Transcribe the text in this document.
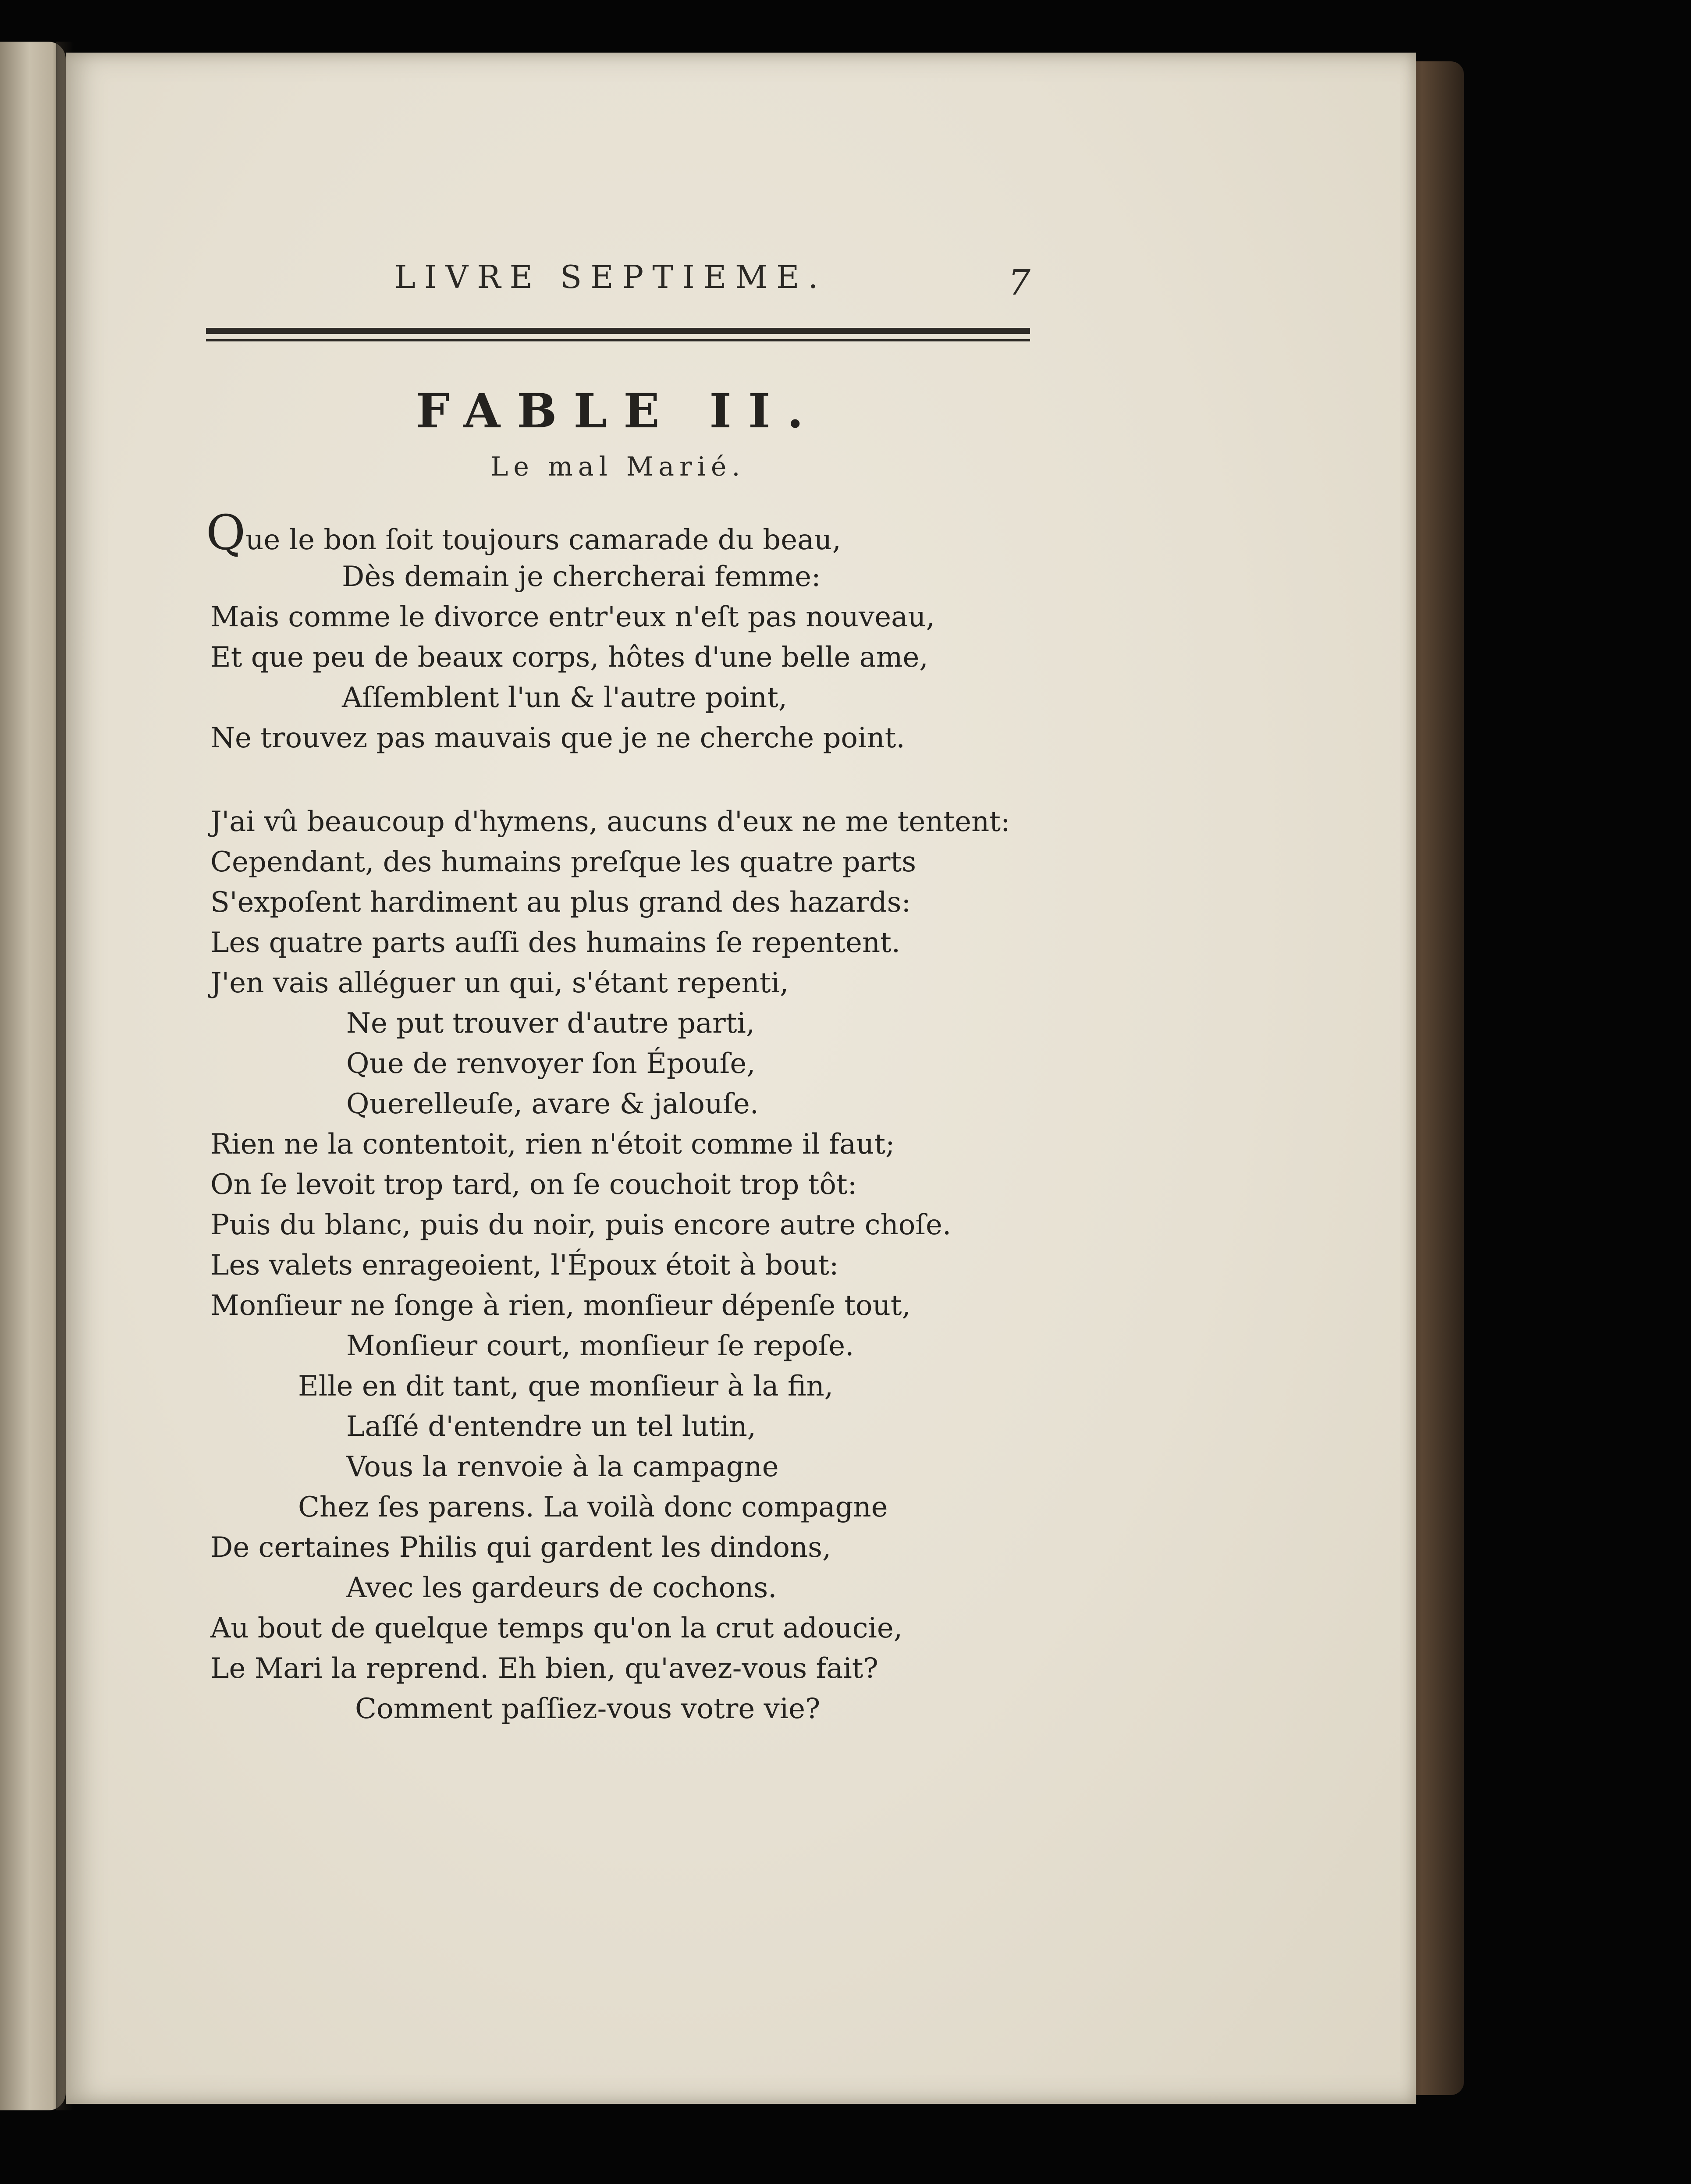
LIVRE SEPTIEME.	7
FABLE II.
Le mal Marié.
Que le bon ſoit toujours camarade du beau,
Dès demain je chercherai femme:
Mais comme le divorce entr'eux n'eſt pas nouveau,
Et que peu de beaux corps, hôtes d'une belle ame,
Aſſemblent l'un & l'autre point,
Ne trouvez pas mauvais que je ne cherche point.
J'ai vû beaucoup d'hymens, aucuns d'eux ne me tentent:
Cependant, des humains preſque les quatre parts
S'expoſent hardiment au plus grand des hazards:
Les quatre parts auſſi des humains ſe repentent.
J'en vais alléguer un qui, s'étant repenti,
Ne put trouver d'autre parti,
Que de renvoyer ſon Épouſe,
Querelleuſe, avare & jalouſe.
Rien ne la contentoit, rien n'étoit comme il faut;
On ſe levoit trop tard, on ſe couchoit trop tôt:
Puis du blanc, puis du noir, puis encore autre choſe.
Les valets enrageoient, l'Époux étoit à bout:
Monſieur ne ſonge à rien, monſieur dépenſe tout,
Monſieur court, monſieur ſe repoſe.
Elle en dit tant, que monſieur à la fin,
Laſſé d'entendre un tel lutin,
Vous la renvoie à la campagne
Chez ſes parens. La voilà donc compagne
De certaines Philis qui gardent les dindons,
Avec les gardeurs de cochons.
Au bout de quelque temps qu'on la crut adoucie,
Le Mari la reprend. Eh bien, qu'avez-vous fait?
Comment paſſiez-vous votre vie?
